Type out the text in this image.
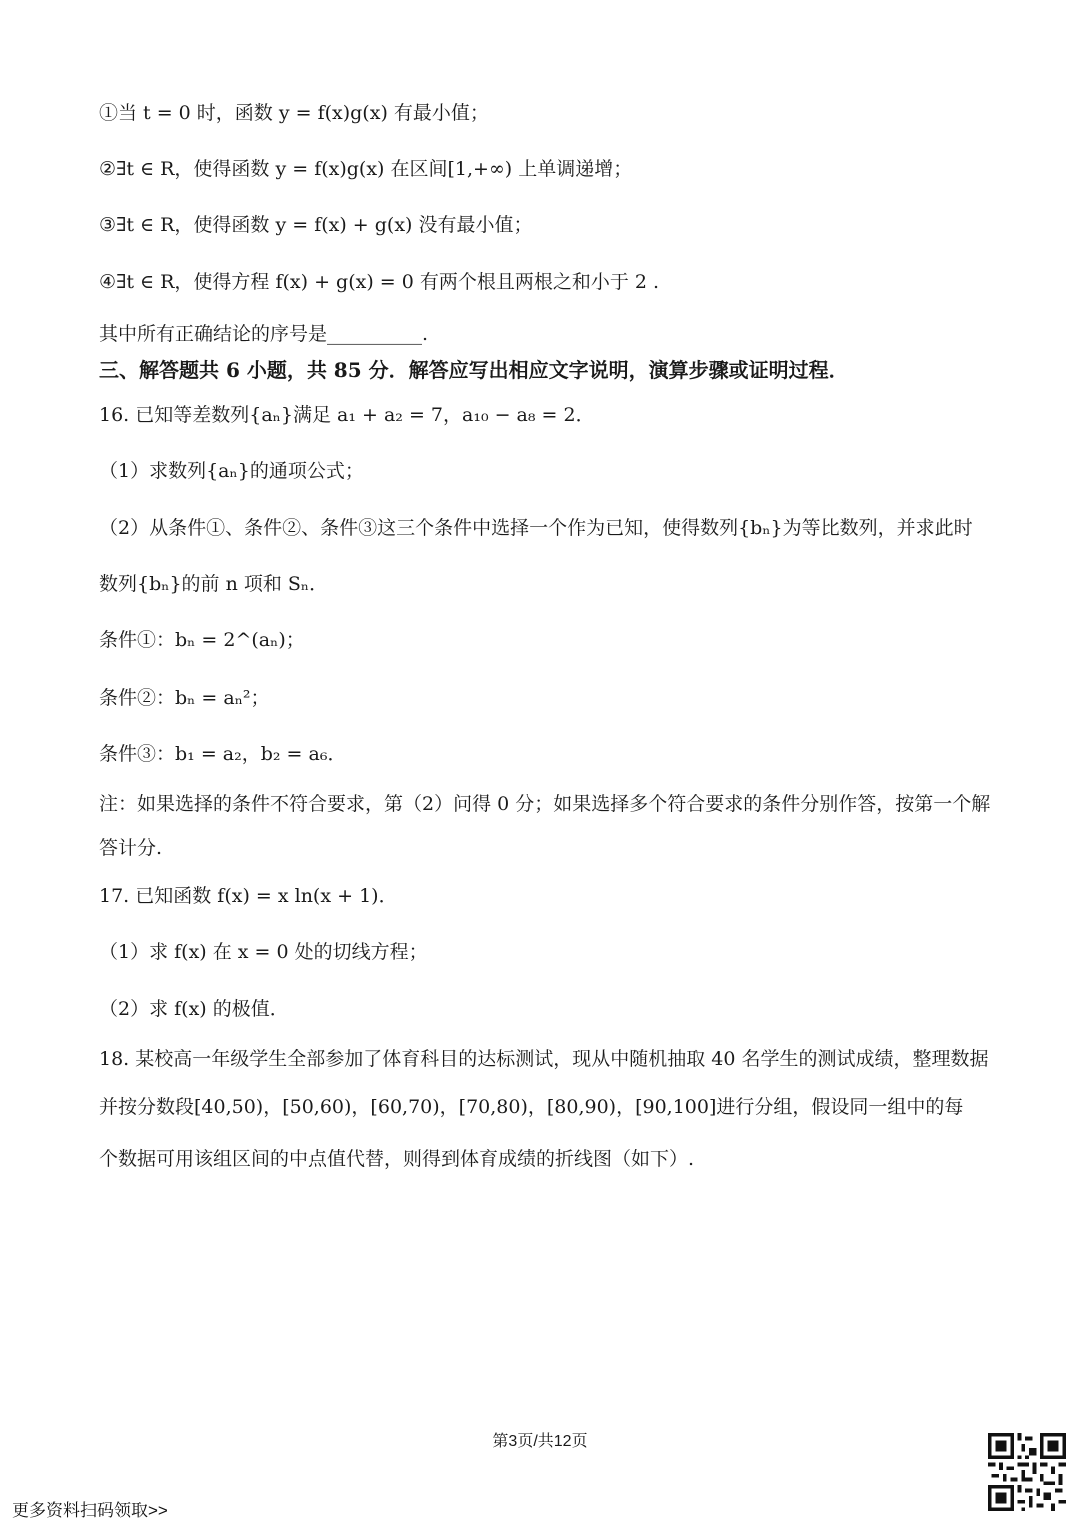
①当 t = 0 时，函数 y = f(x)g(x) 有最小值；
②∃t ∈ R，使得函数 y = f(x)g(x) 在区间[1,+∞) 上单调递增；
③∃t ∈ R，使得函数 y = f(x) + g(x) 没有最小值；
④∃t ∈ R，使得方程 f(x) + g(x) = 0 有两个根且两根之和小于 2 .
其中所有正确结论的序号是__________.
三、解答题共 6 小题，共 85 分．解答应写出相应文字说明，演算步骤或证明过程．
16. 已知等差数列{aₙ}满足 a₁ + a₂ = 7，a₁₀ − a₈ = 2．
（1）求数列{aₙ}的通项公式；
（2）从条件①、条件②、条件③这三个条件中选择一个作为已知，使得数列{bₙ}为等比数列，并求此时
数列{bₙ}的前 n 项和 Sₙ．
条件①：bₙ = 2^(aₙ)；
条件②：bₙ = aₙ²；
条件③：b₁ = a₂，b₂ = a₆．
注：如果选择的条件不符合要求，第（2）问得 0 分；如果选择多个符合要求的条件分别作答，按第一个解
答计分.
17. 已知函数 f(x) = x ln(x + 1)．
（1）求 f(x) 在 x = 0 处的切线方程；
（2）求 f(x) 的极值．
18. 某校高一年级学生全部参加了体育科目的达标测试，现从中随机抽取 40 名学生的测试成绩，整理数据
并按分数段[40,50)，[50,60)，[60,70)，[70,80)，[80,90)，[90,100]进行分组，假设同一组中的每
个数据可用该组区间的中点值代替，则得到体育成绩的折线图（如下）.
第3页/共12页
更多资料扫码领取>>
